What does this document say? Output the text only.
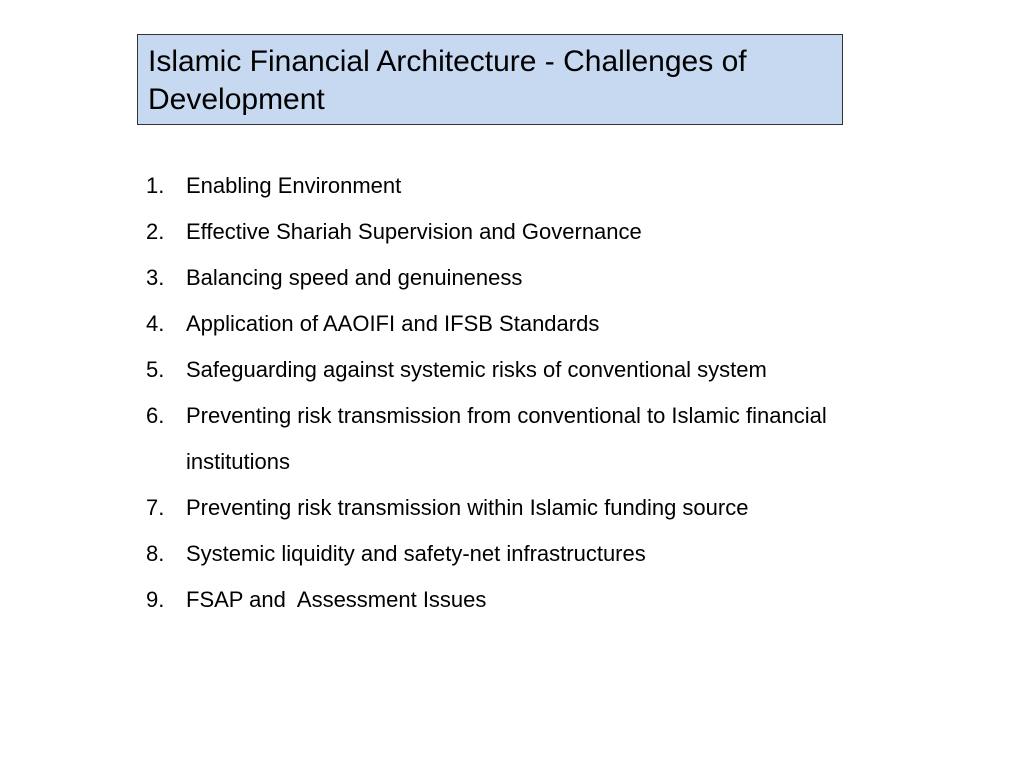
Islamic Financial Architecture - Challenges of Development
1. Enabling Environment
2. Effective Shariah Supervision and Governance
3. Balancing speed and genuineness
4. Application of AAOIFI and IFSB Standards
5. Safeguarding against systemic risks of conventional system
6. Preventing risk transmission from conventional to Islamic financial institutions
7. Preventing risk transmission within Islamic funding source
8. Systemic liquidity and safety-net infrastructures
9. FSAP and  Assessment Issues
